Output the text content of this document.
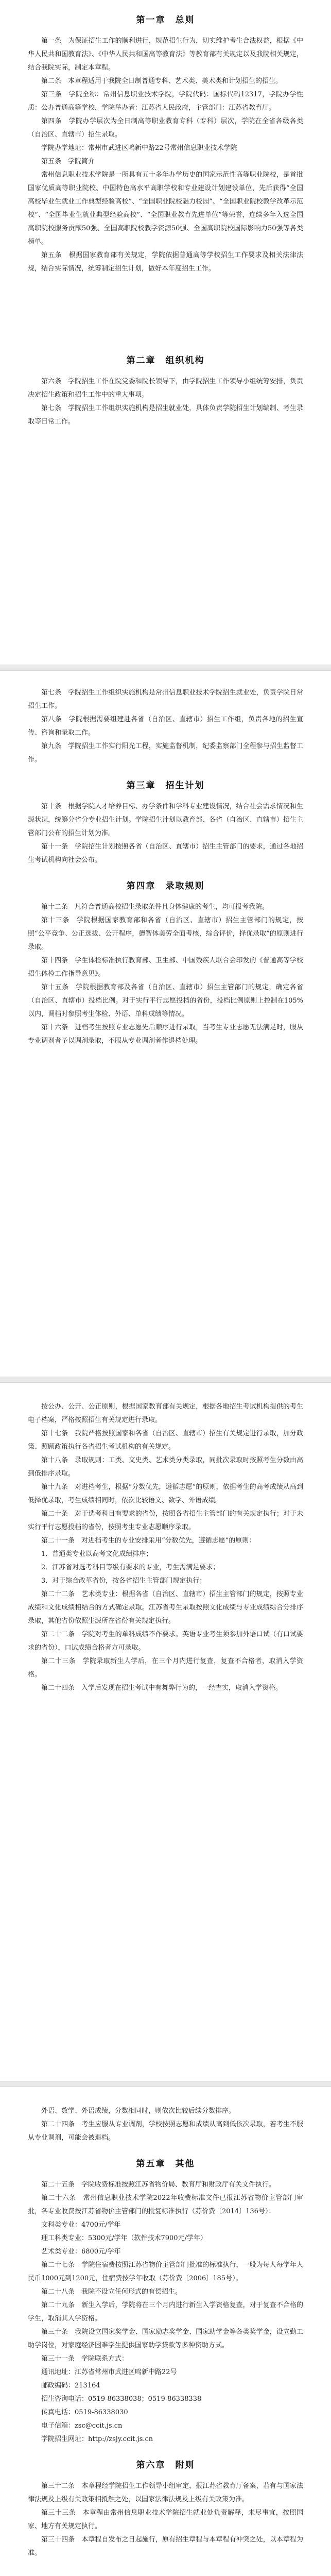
第一章　总则

第一条　为保证招生工作的顺利进行，规范招生行为，切实维护考生合法权益，根据《中华人民共和国教育法》、《中华人民共和国高等教育法》等教育部有关规定以及我院相关规定，结合我院实际，制定本章程。

第二条　本章程适用于我院全日制普通专科、艺术类、美术类和计划招生的招生。

第三条　学院全称：常州信息职业技术学院，学院代码：国标代码12317，学院办学性质：公办普通高等学校，学院举办者：江苏省人民政府，主管部门：江苏省教育厅。

第四条　学院办学层次为全日制高等职业教育专科（专科）层次，学院在全省各级各类（自治区、直辖市）招生录取。

学院办学地址：常州市武进区鸣新中路22号常州信息职业技术学院

第五条　学院简介

常州信息职业技术学院是一所具有五十多年办学历史的国家示范性高等职业院校，是首批国家优质高等职业院校、中国特色高水平高职学校和专业建设计划建设单位，先后获得“全国高校毕业生就业工作典型经验高校”、“全国职业院校魅力校园”、“全国职业院校教学改革示范校”、“全国毕业生就业典型经验高校”、“全国职业教育先进单位”等荣誉，连续多年入选全国高职院校服务贡献50强、全国高职院校教学资源50强、全国高职院校国际影响力50强等各类榜单。

第五条　根据国家教育部有关规定，学院依据普通高等学校招生工作要求及相关法律法规，结合实际情况，统筹制定招生计划，做好本年度招生工作。

第二章　组织机构

第六条　学院招生工作在院党委和院长领导下，由学院招生工作领导小组统筹安排，负责决定招生政策和招生工作中的重大事项。

第七条　学院招生工作组织实施机构是招生就业处，具体负责学院招生计划编制、考生录取等日常工作。

第七条　学院招生工作组织实施机构是常州信息职业技术学院招生就业处，负责学院日常招生工作。

第八条　学院根据需要组建赴各省（自治区、直辖市）招生工作组，负责各地的招生宣传、咨询和录取工作。

第九条　学院招生工作实行阳光工程，实施监督机制，纪委监察部门全程参与招生监督工作。

第三章　招生计划

第十条　根据学院人才培养目标、办学条件和学科专业建设情况，结合社会需求情况和生源状况，统筹分省分专业招生计划。学院招生计划以教育部、各省（自治区、直辖市）招生主管部门公布的招生计划为准。

第十一条　学院招生计划按照各省（自治区、直辖市）招生主管部门的要求，通过各地招生考试机构向社会公布。

第四章　录取规则

第十二条　凡符合普通高校招生录取条件且身体健康的考生，均可报考我院。

第十三条　学院根据国家教育部和各省（自治区、直辖市）招生主管部门的规定，按照“公平竞争、公正选拔、公开程序，德智体美劳全面考核，综合评价，择优录取”的原则进行录取。

第十四条　学生体检标准执行教育部、卫生部、中国残疾人联合会印发的《普通高等学校招生体检工作指导意见》。

第十五条　学院根据教育部及各省（自治区、直辖市）招生主管部门的规定，确定各省（自治区、直辖市）投档比例。对于实行平行志愿投档的省份，投档比例原则上控制在105%以内，调档时参照考生体检、外语、单科成绩等情况。

第十六条　进档考生按照专业志愿先后顺序进行录取，当考生专业志愿无法满足时，服从专业调剂者予以调剂录取，不服从专业调剂者作退档处理。

按公办、公开、公正原则，根据国家教育部有关规定，根据各地招生考试机构提供的考生电子档案，严格按照招生有关规定进行录取。

第十七条　我院严格按照国家和各省（自治区、直辖市）招生有关规定进行录取，加分政策、照顾政策执行各省招生考试机构的有关规定。

第十八条　录取规则：工类、文史类、艺术类分类录取，同批次录取时按照考生分数由高到低排序录取。

第十九条　对进档考生，根据“分数优先，遵循志愿”的原则，依据考生的高考成绩从高到低择优录取，考生成绩相同时，依次比较语文、数学、外语成绩。

第二十条　对于选考科目有要求的省份，按照各省招生主管部门的有关规定执行；对于未实行平行志愿投档的省份，按照考生专业志愿顺序录取。

第二十一条　对进档考生的专业安排采用“分数优先，遵循志愿”的原则：

1．普通类专业以高考文化成绩排序；

2．江苏省对选考科目等级有要求的专业，考生需满足要求；

3．对于综合改革省份，按各省招生主管部门规定执行；

第二十二条　艺术类专业：根据各省（自治区、直辖市）招生主管部门的规定，按照专业成绩和文化成绩相结合的方式确定录取。江苏省考生录取按照文化成绩与专业成绩综合分排序录取，其他省份依照生源所在省份有关规定执行。

第二十二条　学院对考生的单科成绩不作要求。英语专业考生须参加外语口试（有口试要求的省份），口试成绩合格者方可录取。

第二十三条　学院录取新生人学后，在三个月内进行复查，复查不合格者，取消入学资格。

第二十四条　入学后发现在招生考试中有舞弊行为的，一经查实，取消入学资格。

外语、数学、外语成绩，分数相同时，则依次比较后续分数排序。

第二十四条　考生应服从专业调剂，学校按照志愿和成绩从高到低依次录取，若考生不服从专业调剂，可能会被退档。

第五章　其他

第二十五条　学院收费标准按照江苏省物价局、教育厅和财政厅有关文件执行。

第二十六条　常州信息职业技术学院2022年收费标准文件已报江苏省物价主管部门审批，各专业收费按江苏省物价主管部门的批复标准执行（苏价费〔2014〕136号）：

文科类专业：4700元/学年

理工科类专业：5300元/学年（软件技术7900元/学年）

艺术类专业：6800元/学年

第二十七条　学院住宿费按照江苏省物价主管部门批准的标准执行，一般为每人每学年人民币1000元到1200元，住宿费按学年收取（苏价费〔2006〕185号）。

第二十八条　我院不设立任何形式的有偿招生。

第二十九条　新生入学后，学院将在三个月内进行新生入学资格复查，对于复查不合格的学生，取消其入学资格。

第三十条　我院设立国家奖学金、国家励志奖学金、国家助学金等各类奖学金，设立勤工助学岗位，对家庭经济困难学生提供国家助学贷款等多种资助方式。

第三十一条　学院联系方式：

通讯地址：江苏省常州市武进区鸣新中路22号

邮政编码：213164

招生咨询电话：0519-86338038；0519-86338338

传真电话：0519-86338030

电子信箱：zsc@ccit.js.cn

学院招生网址：http://zsjy.ccit.js.cn

第六章　附则

第三十二条　本章程经学院招生工作领导小组审定，报江苏省教育厅备案，若有与国家法律法规及上级有关政策相抵触之处，以国家法律法规及上级有关政策为准。

第三十三条　本章程由常州信息职业技术学院招生就业处负责解释，未尽事宜，按照国家、地方有关规定执行。

第三十四条　本章程自发布之日起施行，原有招生章程与本章程有冲突之处，以本章程为准。
